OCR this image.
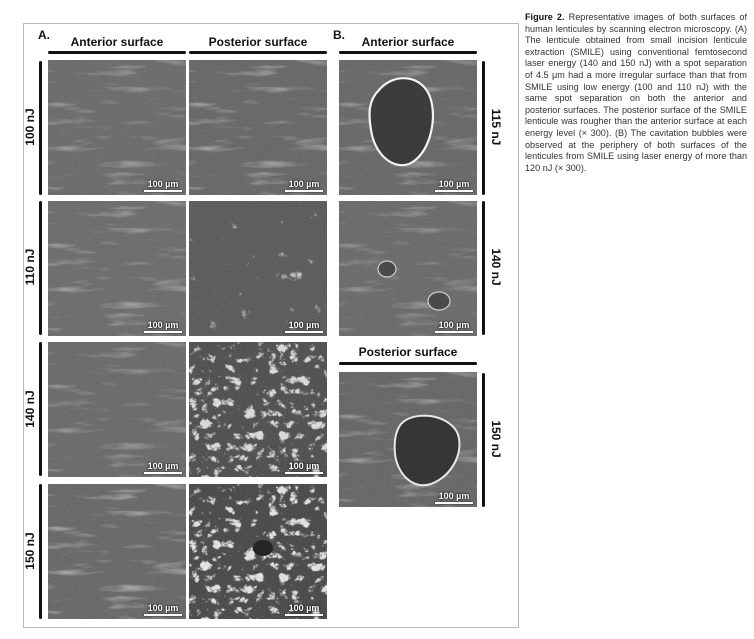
A.	Anterior surface	Posterior surface
100 nJ
110 nJ
140 nJ
150 nJ
100 µm	100 µm
100 µm	100 µm
100 µm	100 µm
100 µm	100 µm
B.	Anterior surface
100 µm
115 nJ
100 µm
140 nJ
Posterior surface
100 µm
150 nJ
Figure 2. Representative images of both surfaces of human lenticules by scanning electron microscopy. (A) The lenticule obtained from small incision lenticule extraction (SMILE) using conventional femtosecond laser energy (140 and 150 nJ) with a spot separation of 4.5 μm had a more irregular surface than that from SMILE using low energy (100 and 110 nJ) with the same spot separation on both the anterior and posterior surfaces. The posterior surface of the SMILE lenticule was rougher than the anterior surface at each energy level (× 300). (B) The cavitation bubbles were observed at the periphery of both surfaces of the lenticules from SMILE using laser energy of more than 120 nJ (× 300).
